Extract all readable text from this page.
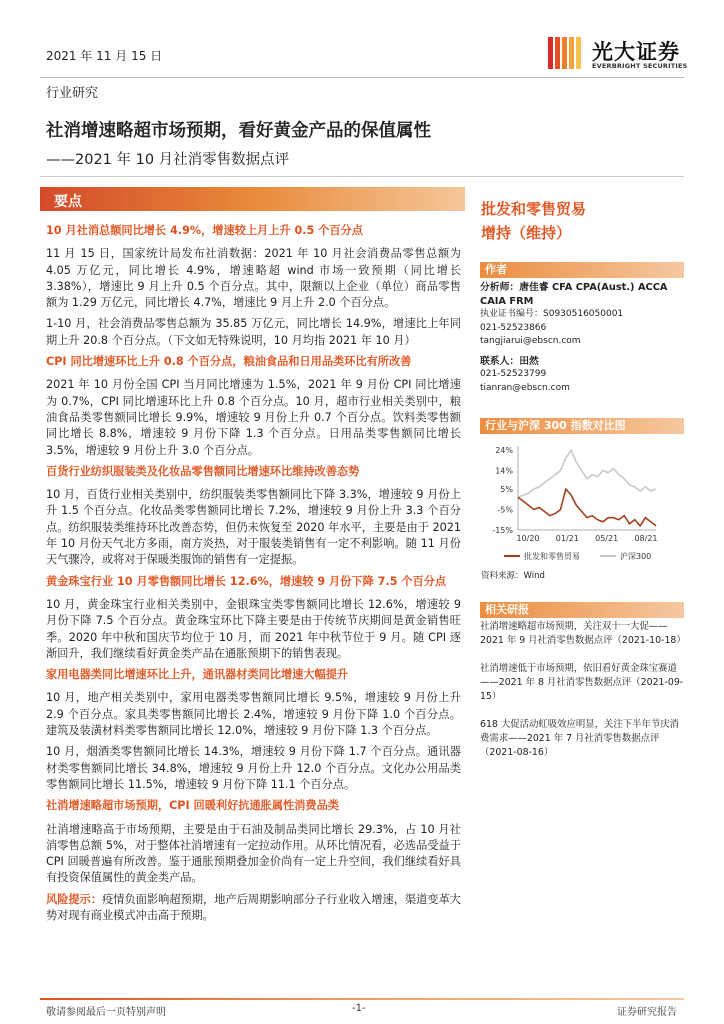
2021 年 11 月 15 日	光大证券
EVERBRIGHT SECURITIES
行业研究
社消增速略超市场预期，看好黄金产品的保值属性
——2021 年 10 月社消零售数据点评
要点
10 月社消总额同比增长 4.9%，增速较上月上升 0.5 个百分点
11 月 15 日，国家统计局发布社消数据：2021 年 10 月社会消费品零售总额为 4.05 万亿元，同比增长 4.9%，增速略超 wind 市场一致预期（同比增长 3.38%），增速比 9 月上升 0.5 个百分点。其中，限额以上企业（单位）商品零售额为 1.29 万亿元，同比增长 4.7%，增速比 9 月上升 2.0 个百分点。
1-10 月，社会消费品零售总额为 35.85 万亿元，同比增长 14.9%，增速比上年同期上升 20.8 个百分点。（下文如无特殊说明，10 月均指 2021 年 10 月）
CPI 同比增速环比上升 0.8 个百分点，粮油食品和日用品类环比有所改善
2021 年 10 月份全国 CPI 当月同比增速为 1.5%，2021 年 9 月份 CPI 同比增速为 0.7%，CPI 同比增速环比上升 0.8 个百分点。10 月，超市行业相关类别中，粮油食品类零售额同比增长 9.9%，增速较 9 月份上升 0.7 个百分点。饮料类零售额同比增长 8.8%，增速较 9 月份下降 1.3 个百分点。日用品类零售额同比增长 3.5%，增速较 9 月份上升 3.0 个百分点。
百货行业纺织服装类及化妆品零售额同比增速环比维持改善态势
10 月，百货行业相关类别中，纺织服装类零售额同比下降 3.3%，增速较 9 月份上升 1.5 个百分点。化妆品类零售额同比增长 7.2%，增速较 9 月份上升 3.3 个百分点。纺织服装类维持环比改善态势，但仍未恢复至 2020 年水平，主要是由于 2021 年 10 月份天气北方多雨，南方炎热，对于服装类销售有一定不利影响。随 11 月份天气骤冷，或将对于保暖类服饰的销售有一定提振。
黄金珠宝行业 10 月零售额同比增长 12.6%，增速较 9 月份下降 7.5 个百分点
10 月，黄金珠宝行业相关类别中，金银珠宝类零售额同比增长 12.6%，增速较 9 月份下降 7.5 个百分点。黄金珠宝环比下降主要是由于传统节庆期间是黄金销售旺季。2020 年中秋和国庆节均位于 10 月，而 2021 年中秋节位于 9 月。随 CPI 逐渐回升，我们继续看好黄金类产品在通胀预期下的销售表现。
家用电器类同比增速环比上升，通讯器材类同比增速大幅提升
10 月，地产相关类别中，家用电器类零售额同比增长 9.5%，增速较 9 月份上升 2.9 个百分点。家具类零售额同比增长 2.4%，增速较 9 月份下降 1.0 个百分点。建筑及装潢材料类零售额同比增长 12.0%，增速较 9 月份下降 1.3 个百分点。
10 月，烟酒类零售额同比增长 14.3%，增速较 9 月份下降 1.7 个百分点。通讯器材类零售额同比增长 34.8%，增速较 9 月份上升 12.0 个百分点。文化办公用品类零售额同比增长 11.5%，增速较 9 月份下降 11.1 个百分点。
社消增速略超市场预期，CPI 回暖利好抗通胀属性消费品类
社消增速略高于市场预期，主要是由于石油及制品类同比增长 29.3%，占 10 月社消零售总额 5%，对于整体社消增速有一定拉动作用。从环比情况看，必选品受益于 CPI 回暖普遍有所改善。鉴于通胀预期叠加金价尚有一定上升空间，我们继续看好具有投资保值属性的黄金类产品。
风险提示：疫情负面影响超预期，地产后周期影响部分子行业收入增速，渠道变革大势对现有商业模式冲击高于预期。
批发和零售贸易
增持（维持）
作者
分析师：唐佳睿 CFA CPA(Aust.) ACCA CAIA FRM
执业证书编号：S0930516050001
021-52523866
tangjiarui@ebscn.com
联系人：田然
021-52523799
tianran@ebscn.com
行业与沪深 300 指数对比图
24%
14%
5%
-5%
-15%
10/20 01/21 05/21 08/21
批发和零售贸易	沪深300
资料来源：Wind
相关研报
社消增速略超市场预期，关注双十一大促——2021 年 9 月社消零售数据点评（2021-10-18）
社消增速低于市场预期，依旧看好黄金珠宝赛道——2021 年 8 月社消零售数据点评（2021-09-15）
618 大促活动虹吸效应明显，关注下半年节庆消费需求——2021 年 7 月社消零售数据点评（2021-08-16）
敬请参阅最后一页特别声明	-1-	证券研究报告
